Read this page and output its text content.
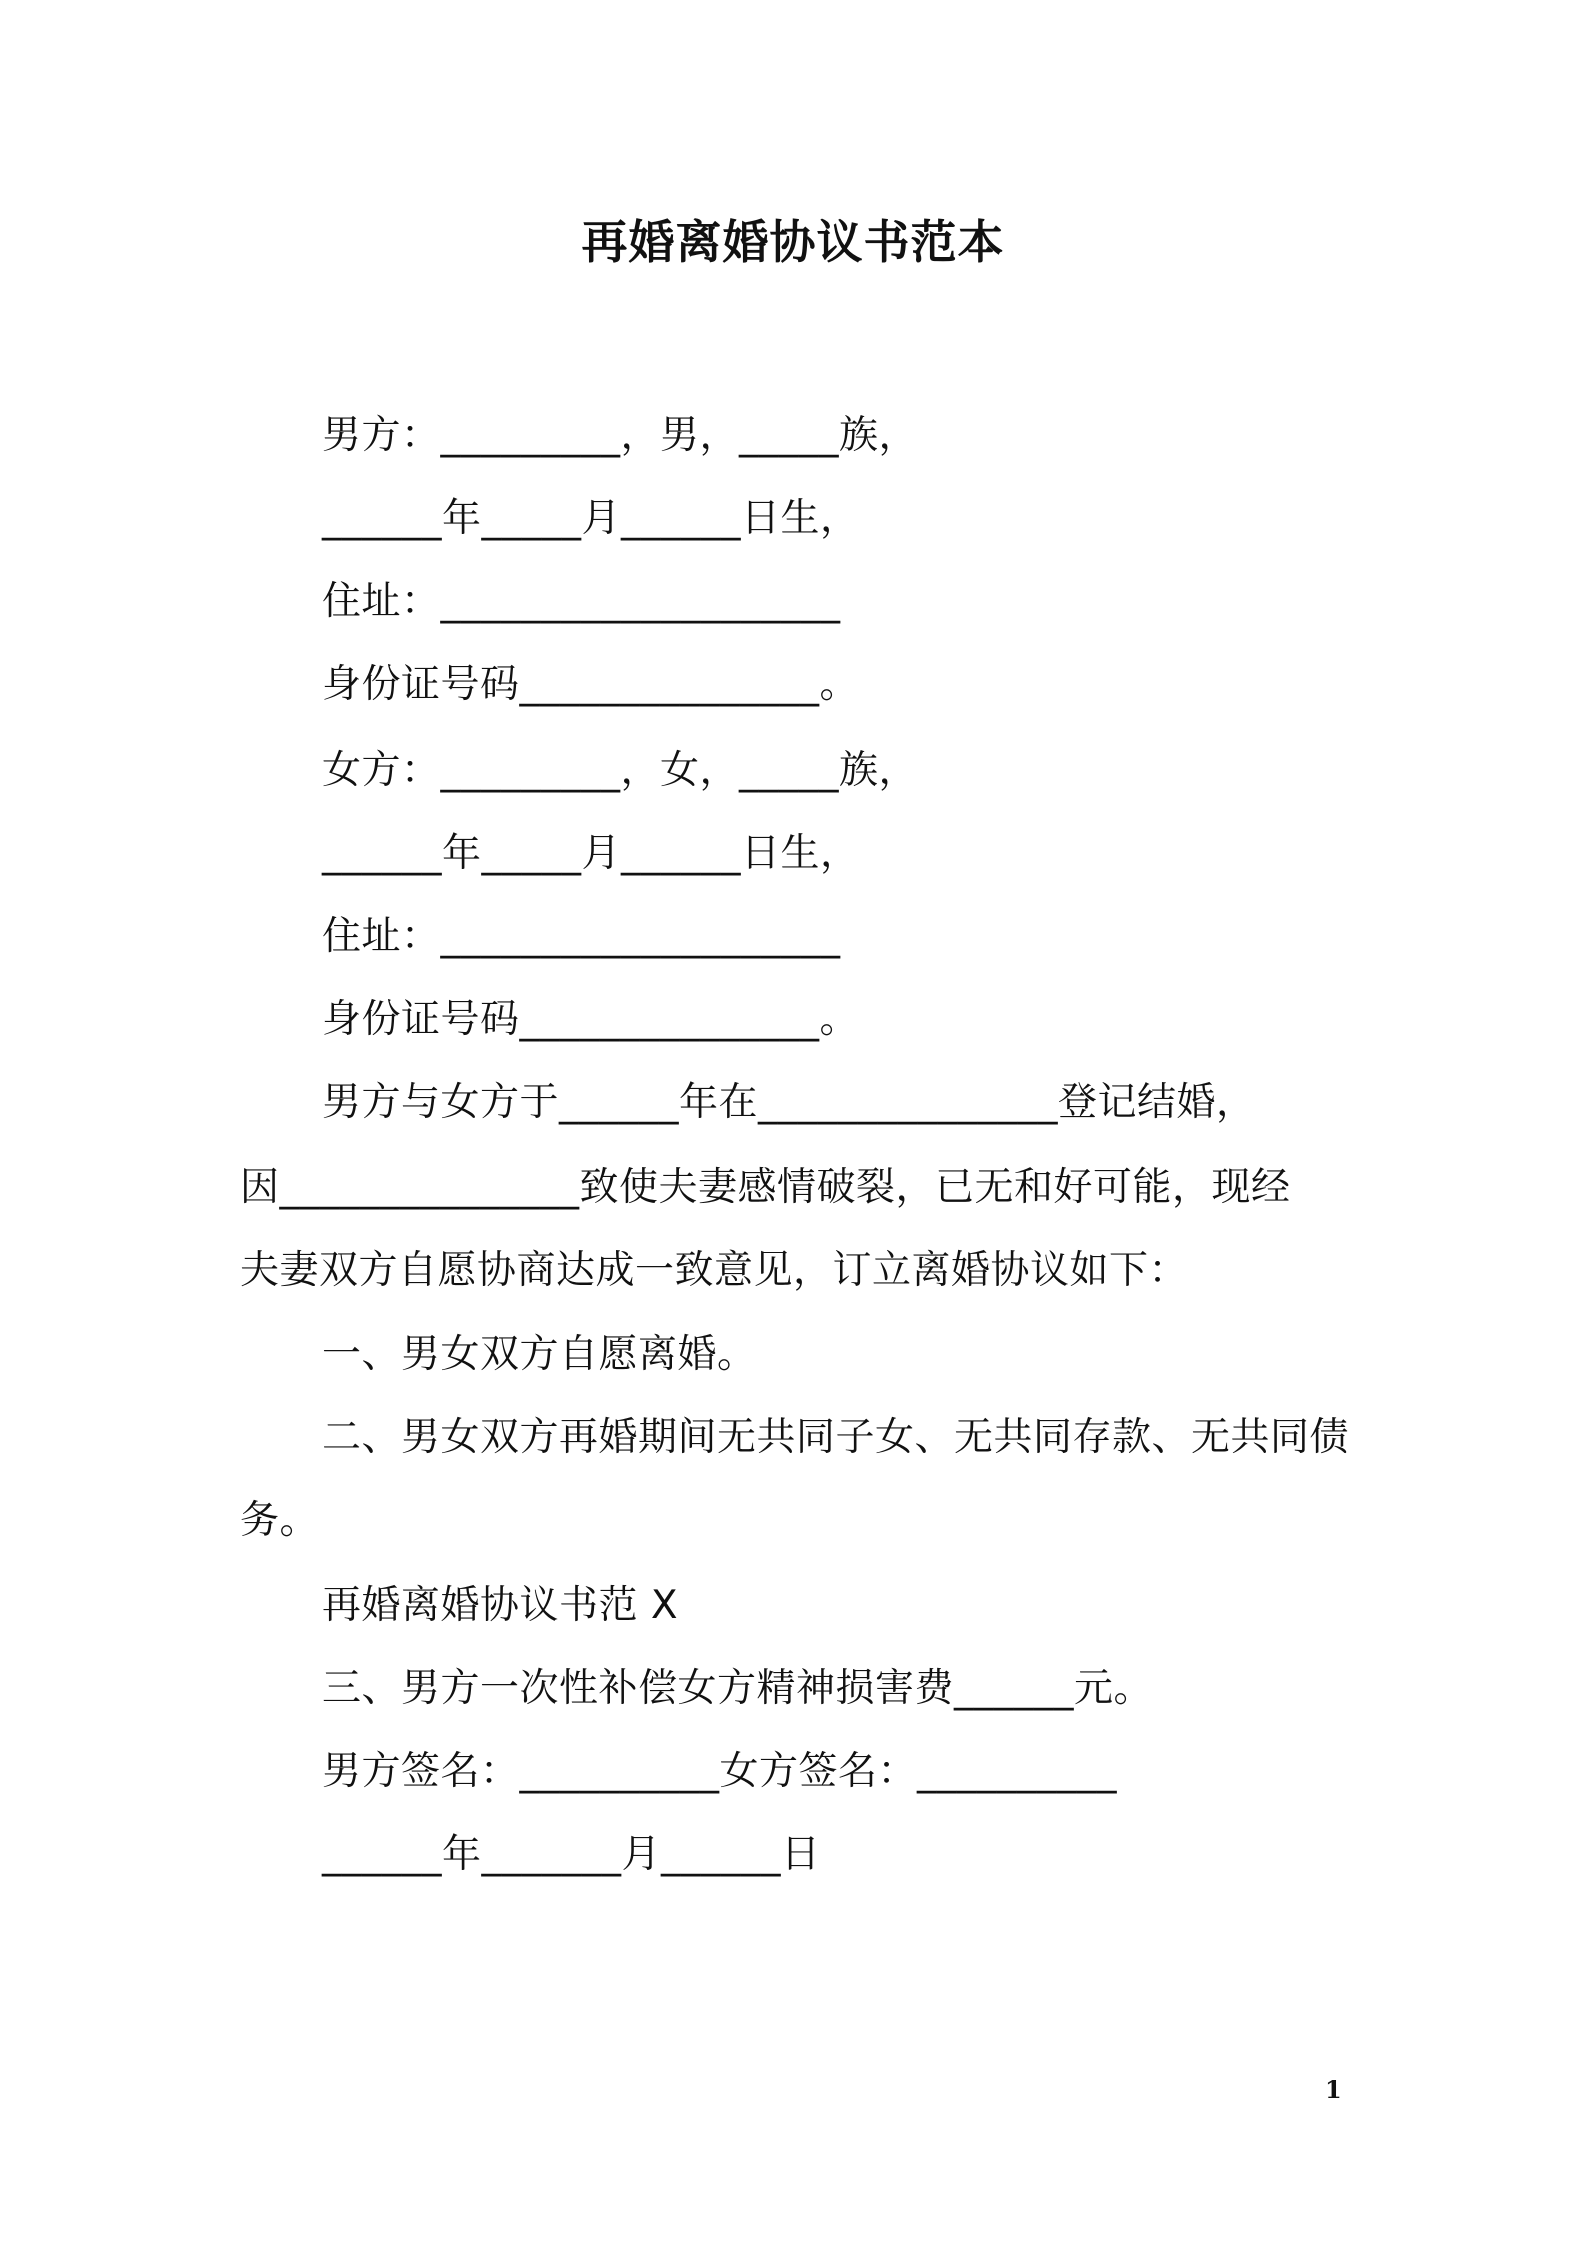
再婚离婚协议书范本
男方：_________，男，_____族，
______年_____月______日生，
住址：____________________
身份证号码_______________。
女方：_________，女，_____族，
______年_____月______日生，
住址：____________________
身份证号码_______________。
男方与女方于______年在_______________登记结婚，
因_______________致使夫妻感情破裂，已无和好可能，现经
夫妻双方自愿协商达成一致意见，订立离婚协议如下：
一、男女双方自愿离婚。
二、男女双方再婚期间无共同子女、无共同存款、无共同债
务。
再婚离婚协议书范 X
三、男方一次性补偿女方精神损害费______元。
男方签名：__________女方签名：__________
______年_______月______日
1
